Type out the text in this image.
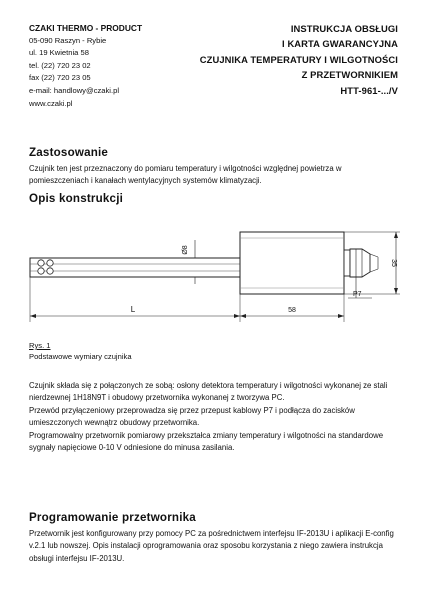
CZAKI THERMO - PRODUCT
05-090 Raszyn - Rybie
ul. 19 Kwietnia 58
tel. (22) 720 23 02
fax (22) 720 23 05
e-mail: handlowy@czaki.pl
www.czaki.pl
INSTRUKCJA OBSŁUGI
I KARTA GWARANCYJNA
CZUJNIKA TEMPERATURY I WILGOTNOŚCI
Z PRZETWORNIKIEM
HTT-961-.../V
Zastosowanie

Czujnik ten jest przeznaczony do pomiaru temperatury i wilgotności względnej powietrza w pomieszczeniach i kanałach wentylacyjnych systemów klimatyzacji.

Opis konstrukcji
Ø8
35
P7
L	58
Rys. 1
Podstawowe wymiary czujnika

Czujnik składa się z połączonych ze sobą: osłony detektora temperatury i wilgotności wykonanej ze stali nierdzewnej 1H18N9T i obudowy przetwornika wykonanej z tworzywa PC.

Przewód przyłączeniowy przeprowadza się przez przepust kablowy P7 i podłącza do zacisków umieszczonych wewnątrz obudowy przetwornika.

Programowalny przetwornik pomiarowy przekształca zmiany temperatury i wilgotności na standardowe sygnały napięciowe 0-10 V odniesione do minusa zasilania.

Programowanie przetwornika

Przetwornik jest konfigurowany przy pomocy PC za pośrednictwem interfejsu IF-2013U i aplikacji E-config v.2.1 lub nowszej. Opis instalacji oprogramowania oraz sposobu korzystania z niego zawiera instrukcja obsługi interfejsu IF-2013U.
